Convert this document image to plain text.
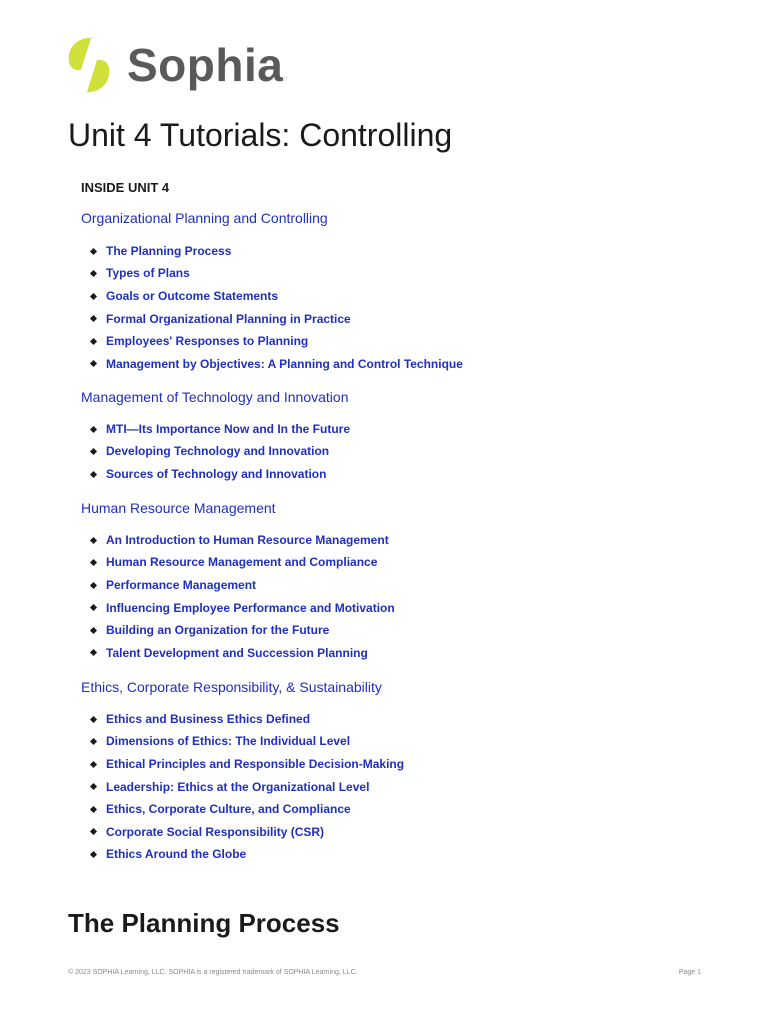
Sophia .
Unit 4 Tutorials: Controlling
INSIDE UNIT 4
Organizational Planning and Controlling
The Planning Process
Types of Plans
Goals or Outcome Statements
Formal Organizational Planning in Practice
Employees' Responses to Planning
Management by Objectives: A Planning and Control Technique
Management of Technology and Innovation
MTI—Its Importance Now and In the Future
Developing Technology and Innovation
Sources of Technology and Innovation
Human Resource Management
An Introduction to Human Resource Management
Human Resource Management and Compliance
Performance Management
Influencing Employee Performance and Motivation
Building an Organization for the Future
Talent Development and Succession Planning
Ethics, Corporate Responsibility, & Sustainability
Ethics and Business Ethics Defined
Dimensions of Ethics: The Individual Level
Ethical Principles and Responsible Decision-Making
Leadership: Ethics at the Organizational Level
Ethics, Corporate Culture, and Compliance
Corporate Social Responsibility (CSR)
Ethics Around the Globe
The Planning Process
© 2023 SOPHIA Learning, LLC. SOPHIA is a registered trademark of SOPHIA Learning, LLC.	Page 1
